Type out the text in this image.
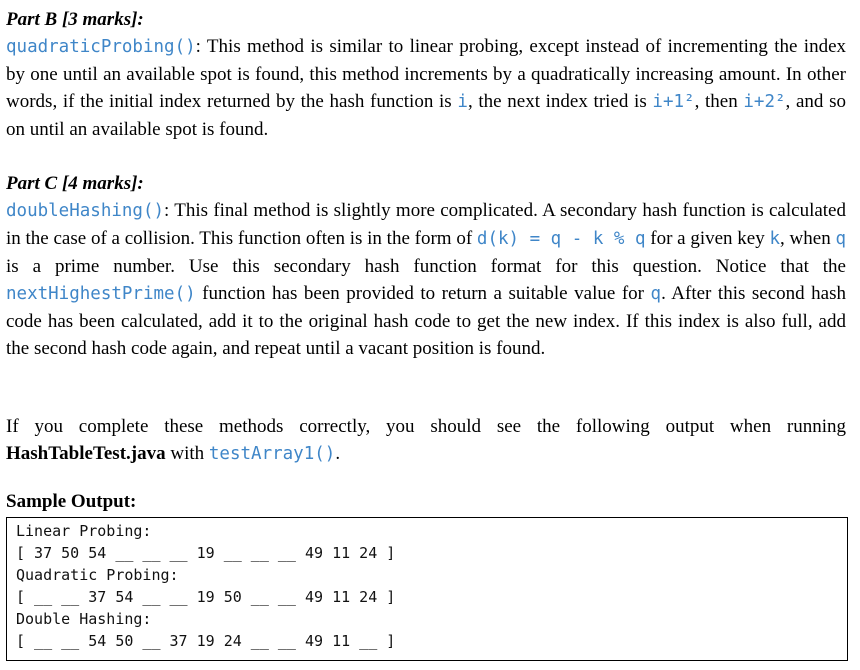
Part B [3 marks]:
quadraticProbing(): This method is similar to linear probing, except instead of incrementing the index by one until an available spot is found, this method increments by a quadratically increasing amount. In other words, if the initial index returned by the hash function is i, the next index tried is i+1², then i+2², and so on until an available spot is found.
Part C [4 marks]:
doubleHashing(): This final method is slightly more complicated. A secondary hash function is calculated in the case of a collision. This function often is in the form of d(k) = q - k % q for a given key k, when q is a prime number. Use this secondary hash function format for this question. Notice that the nextHighestPrime() function has been provided to return a suitable value for q. After this second hash code has been calculated, add it to the original hash code to get the new index. If this index is also full, add the second hash code again, and repeat until a vacant position is found.
If you complete these methods correctly, you should see the following output when running HashTableTest.java with testArray1().
Sample Output:
Linear Probing:
[ 37 50 54 __ __ __ 19 __ __ __ 49 11 24 ]
Quadratic Probing:
[ __ __ 37 54 __ __ 19 50 __ __ 49 11 24 ]
Double Hashing:
[ __ __ 54 50 __ 37 19 24 __ __ 49 11 __ ]
